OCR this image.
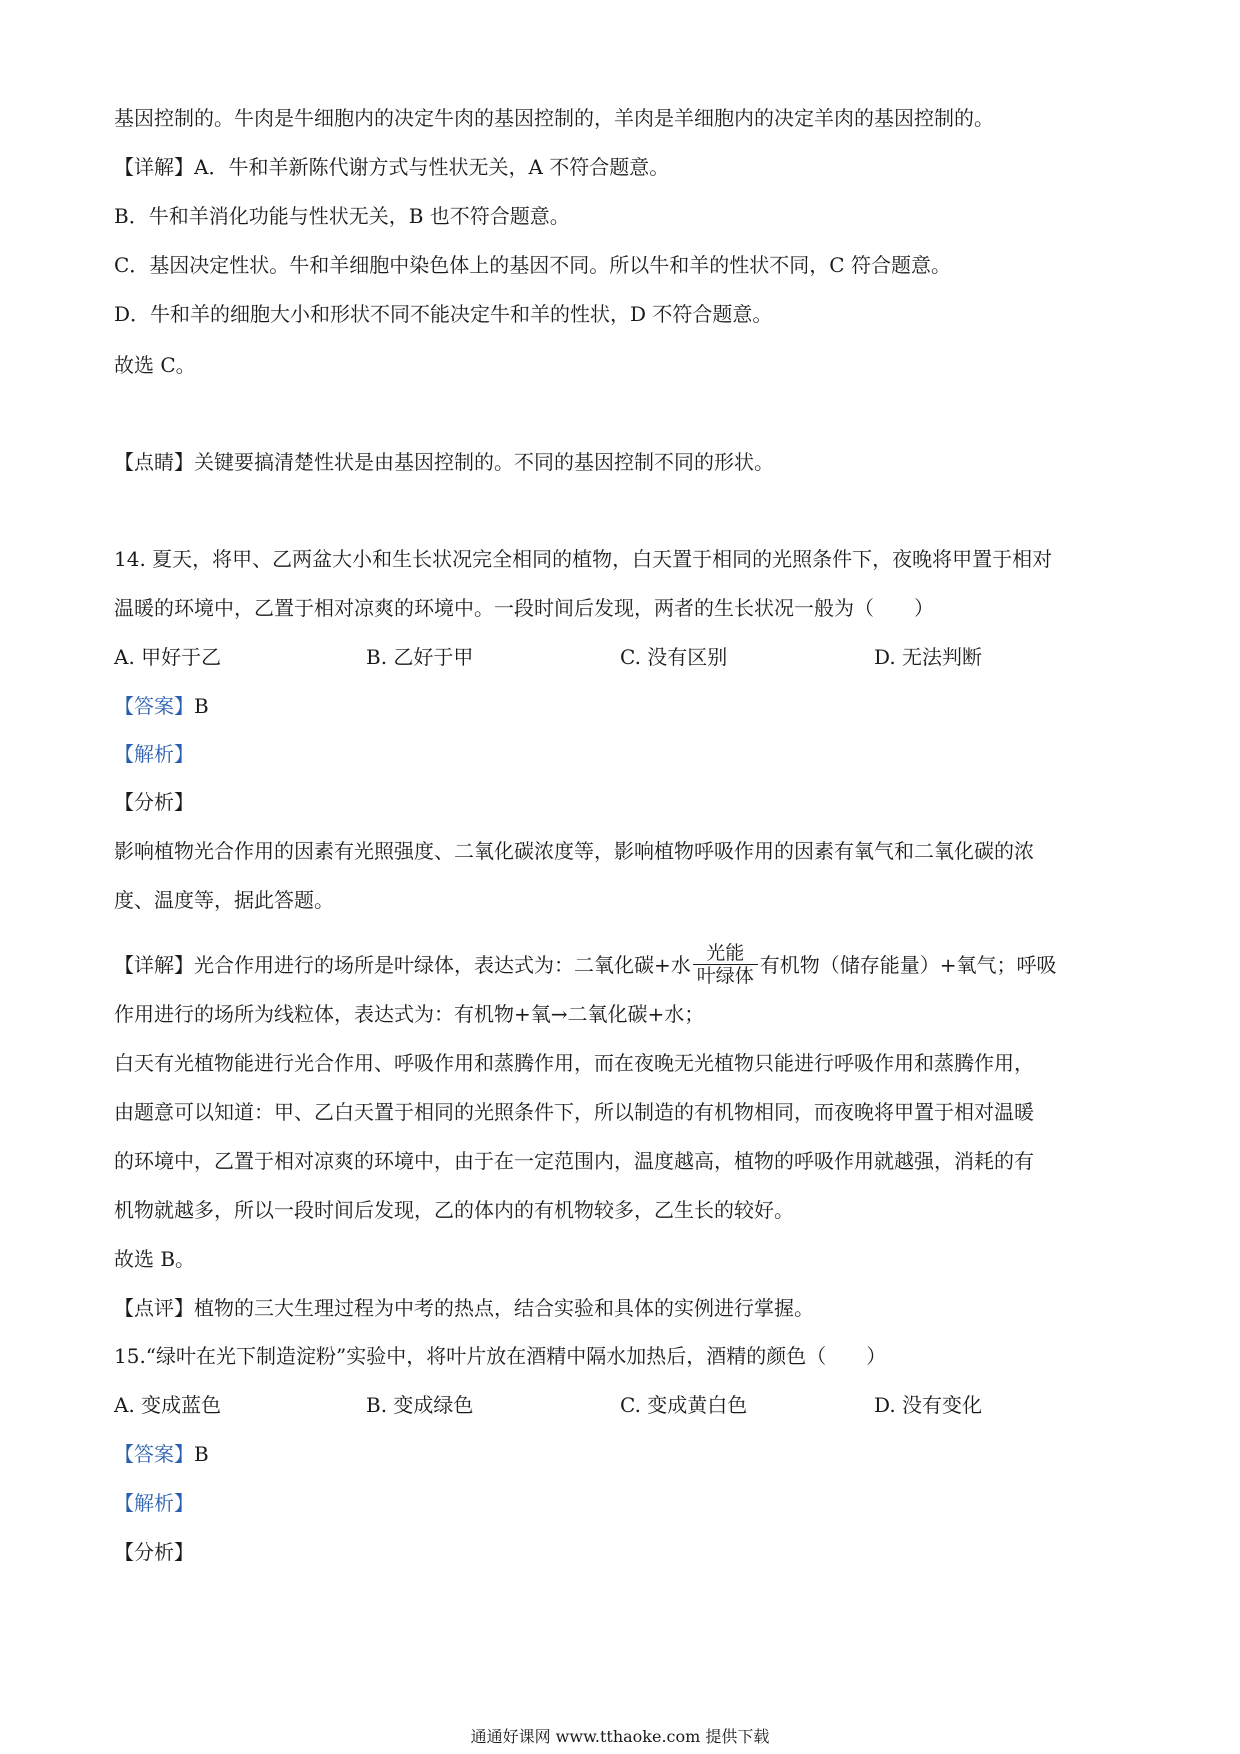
基因控制的。牛肉是牛细胞内的决定牛肉的基因控制的，羊肉是羊细胞内的决定羊肉的基因控制的。
【详解】A．牛和羊新陈代谢方式与性状无关，A 不符合题意。
B．牛和羊消化功能与性状无关，B 也不符合题意。
C．基因决定性状。牛和羊细胞中染色体上的基因不同。所以牛和羊的性状不同，C 符合题意。
D．牛和羊的细胞大小和形状不同不能决定牛和羊的性状，D 不符合题意。
故选 C。
【点睛】关键要搞清楚性状是由基因控制的。不同的基因控制不同的形状。
14. 夏天，将甲、乙两盆大小和生长状况完全相同的植物，白天置于相同的光照条件下，夜晚将甲置于相对
温暖的环境中，乙置于相对凉爽的环境中。一段时间后发现，两者的生长状况一般为（　　）
A. 甲好于乙	B. 乙好于甲	C. 没有区别	D. 无法判断
【答案】B
【解析】
【分析】
影响植物光合作用的因素有光照强度、二氧化碳浓度等，影响植物呼吸作用的因素有氧气和二氧化碳的浓
度、温度等，据此答题。
【详解】光合作用进行的场所是叶绿体，表达式为：二氧化碳+水 $\frac{\text{光能}}{\text{叶绿体}}$ 有机物（储存能量）+氧气；呼吸
作用进行的场所为线粒体，表达式为：有机物+氧→二氧化碳+水；
白天有光植物能进行光合作用、呼吸作用和蒸腾作用，而在夜晚无光植物只能进行呼吸作用和蒸腾作用，
由题意可以知道：甲、乙白天置于相同的光照条件下，所以制造的有机物相同，而夜晚将甲置于相对温暖
的环境中，乙置于相对凉爽的环境中，由于在一定范围内，温度越高，植物的呼吸作用就越强，消耗的有
机物就越多，所以一段时间后发现，乙的体内的有机物较多，乙生长的较好。
故选 B。
【点评】植物的三大生理过程为中考的热点，结合实验和具体的实例进行掌握。
15.“绿叶在光下制造淀粉”实验中，将叶片放在酒精中隔水加热后，酒精的颜色（　　）
A. 变成蓝色	B. 变成绿色	C. 变成黄白色	D. 没有变化
【答案】B
【解析】
【分析】
通通好课网 www.tthaoke.com 提供下载
